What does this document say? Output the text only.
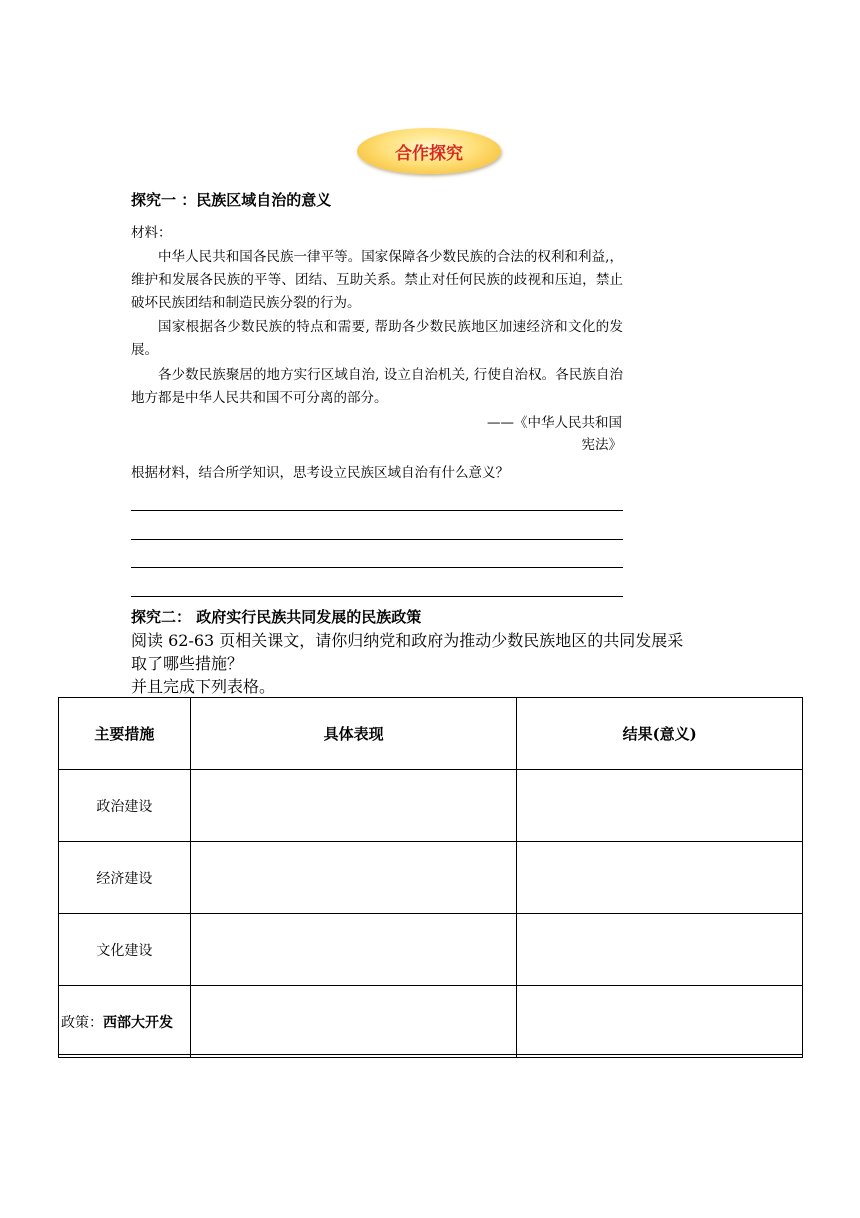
合作探究
探究一 ：民族区域自治的意义
材料：
中华人民共和国各民族一律平等。国家保障各少数民族的合法的权利和利益,，维护和发展各民族的平等、团结、互助关系。禁止对任何民族的歧视和压迫，禁止破坏民族团结和制造民族分裂的行为。
国家根据各少数民族的特点和需要, 帮助各少数民族地区加速经济和文化的发展。
各少数民族聚居的地方实行区域自治, 设立自治机关, 行使自治权。各民族自治地方都是中华人民共和国不可分离的部分。
——《中华人民共和国
宪法》
根据材料，结合所学知识，思考设立民族区域自治有什么意义？
探究二： 政府实行民族共同发展的民族政策
阅读 62-63 页相关课文，请你归纳党和政府为推动少数民族地区的共同发展采
取了哪些措施？
并且完成下列表格。
主要措施	具体表现	结果(意义)
政治建设		
经济建设		
文化建设		
政策：西部大开发		
